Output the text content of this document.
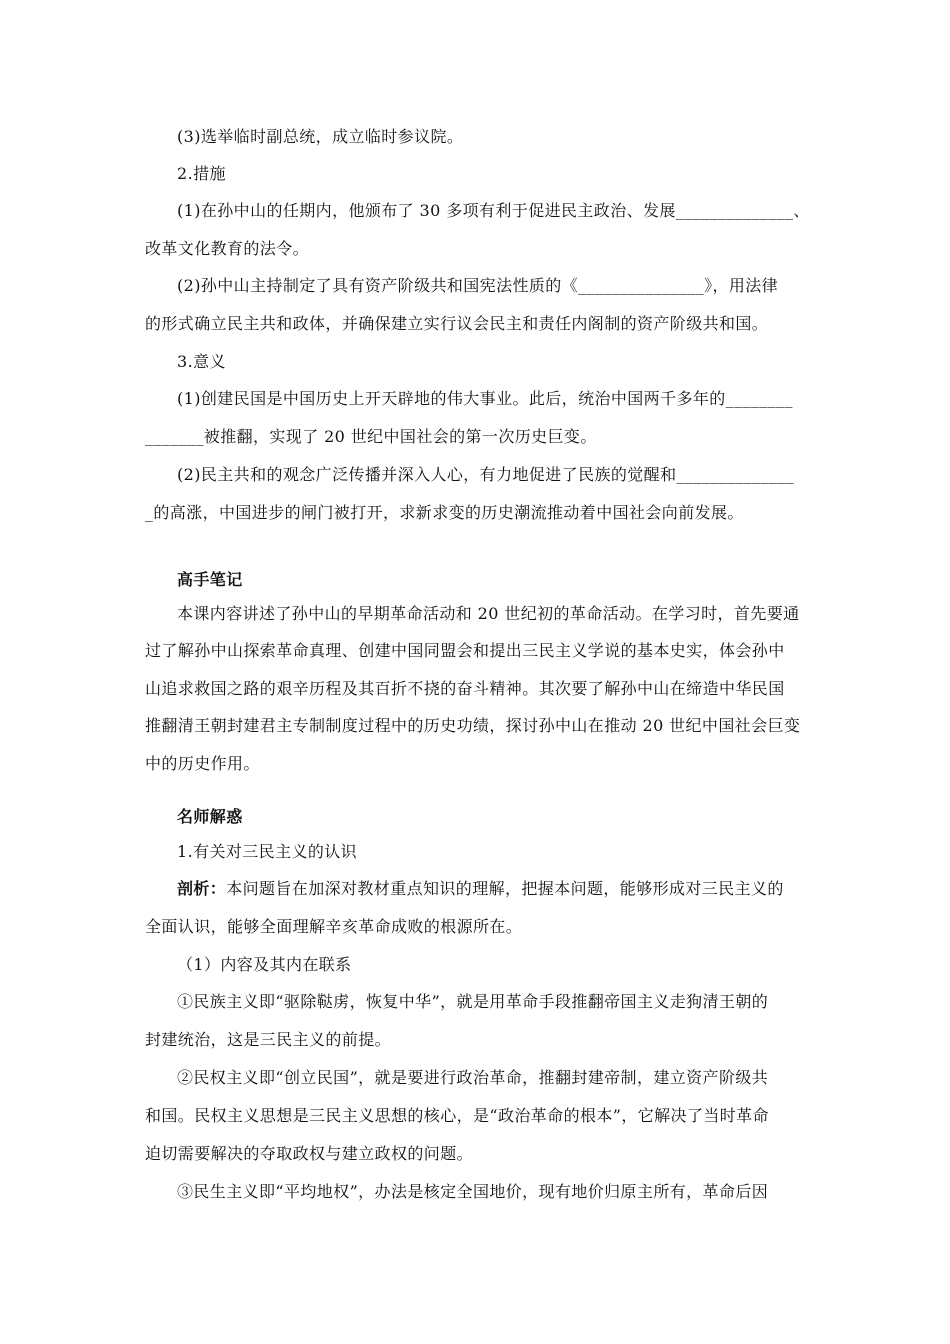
(3)选举临时副总统，成立临时参议院。
2.措施
(1)在孙中山的任期内，他颁布了 30 多项有利于促进民主政治、发展______________、
改革文化教育的法令。
(2)孙中山主持制定了具有资产阶级共和国宪法性质的《_______________》，用法律
的形式确立民主共和政体，并确保建立实行议会民主和责任内阁制的资产阶级共和国。
3.意义
(1)创建民国是中国历史上开天辟地的伟大事业。此后，统治中国两千多年的________
_______被推翻，实现了 20 世纪中国社会的第一次历史巨变。
(2)民主共和的观念广泛传播并深入人心，有力地促进了民族的觉醒和______________
_的高涨，中国进步的闸门被打开，求新求变的历史潮流推动着中国社会向前发展。
高手笔记
本课内容讲述了孙中山的早期革命活动和 20 世纪初的革命活动。在学习时，首先要通
过了解孙中山探索革命真理、创建中国同盟会和提出三民主义学说的基本史实，体会孙中
山追求救国之路的艰辛历程及其百折不挠的奋斗精神。其次要了解孙中山在缔造中华民国
推翻清王朝封建君主专制制度过程中的历史功绩，探讨孙中山在推动 20 世纪中国社会巨变
中的历史作用。
名师解惑
1.有关对三民主义的认识
剖析：本问题旨在加深对教材重点知识的理解，把握本问题，能够形成对三民主义的
全面认识，能够全面理解辛亥革命成败的根源所在。
（1）内容及其内在联系
①民族主义即“驱除鞑虏，恢复中华”，就是用革命手段推翻帝国主义走狗清王朝的
封建统治，这是三民主义的前提。
②民权主义即“创立民国”，就是要进行政治革命，推翻封建帝制，建立资产阶级共
和国。民权主义思想是三民主义思想的核心，是“政治革命的根本”，它解决了当时革命
迫切需要解决的夺取政权与建立政权的问题。
③民生主义即“平均地权”，办法是核定全国地价，现有地价归原主所有，革命后因
